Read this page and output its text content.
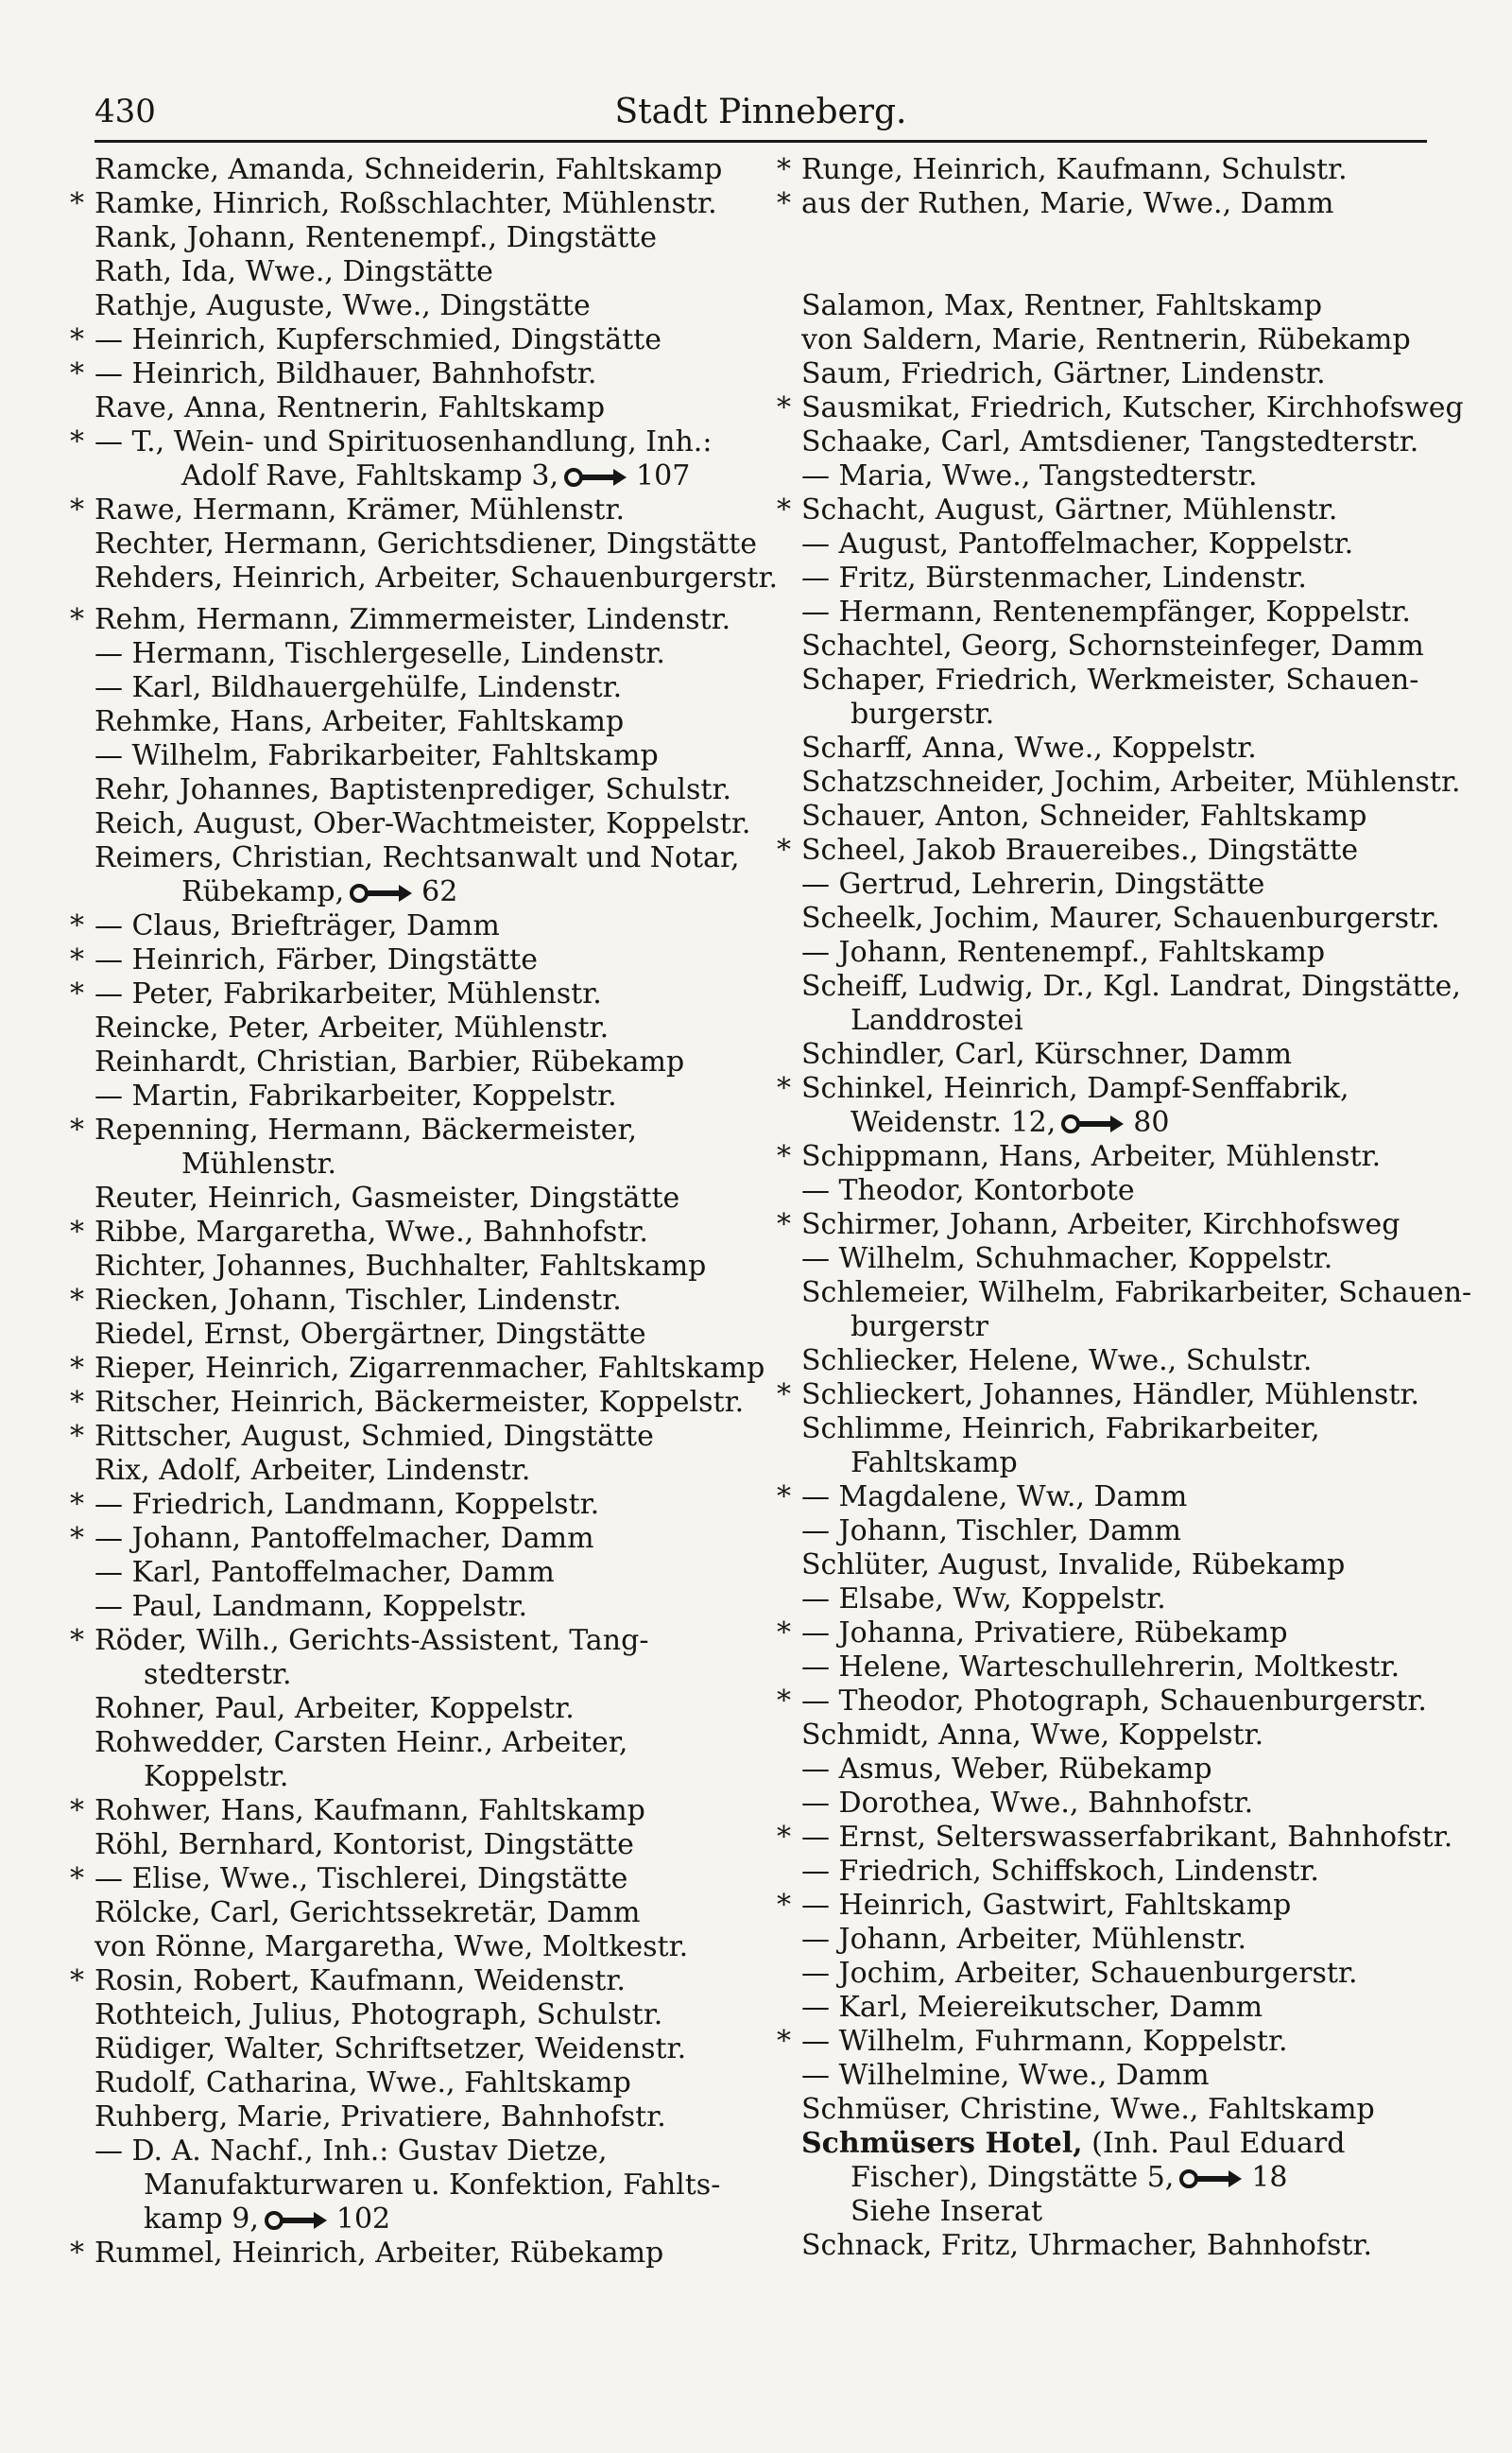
430	Stadt Pinneberg.
Ramcke, Amanda, Schneiderin, Fahltskamp
* Ramke, Hinrich, Roßschlachter, Mühlenstr.
Rank, Johann, Rentenempf., Dingstätte
Rath, Ida, Wwe., Dingstätte
Rathje, Auguste, Wwe., Dingstätte
* — Heinrich, Kupferschmied, Dingstätte
* — Heinrich, Bildhauer, Bahnhofstr.
Rave, Anna, Rentnerin, Fahltskamp
* — T., Wein- und Spirituosenhandlung, Inh.:
Adolf Rave, Fahltskamp 3,	107
* Rawe, Hermann, Krämer, Mühlenstr.
Rechter, Hermann, Gerichtsdiener, Dingstätte
Rehders, Heinrich, Arbeiter, Schauenburgerstr.
* Rehm, Hermann, Zimmermeister, Lindenstr.
— Hermann, Tischlergeselle, Lindenstr.
— Karl, Bildhauergehülfe, Lindenstr.
Rehmke, Hans, Arbeiter, Fahltskamp
— Wilhelm, Fabrikarbeiter, Fahltskamp
Rehr, Johannes, Baptistenprediger, Schulstr.
Reich, August, Ober-Wachtmeister, Koppelstr.
Reimers, Christian, Rechtsanwalt und Notar,
Rübekamp,	62
* — Claus, Briefträger, Damm
* — Heinrich, Färber, Dingstätte
* — Peter, Fabrikarbeiter, Mühlenstr.
Reincke, Peter, Arbeiter, Mühlenstr.
Reinhardt, Christian, Barbier, Rübekamp
— Martin, Fabrikarbeiter, Koppelstr.
* Repenning, Hermann, Bäckermeister,
Mühlenstr.
Reuter, Heinrich, Gasmeister, Dingstätte
* Ribbe, Margaretha, Wwe., Bahnhofstr.
Richter, Johannes, Buchhalter, Fahltskamp
* Riecken, Johann, Tischler, Lindenstr.
Riedel, Ernst, Obergärtner, Dingstätte
* Rieper, Heinrich, Zigarrenmacher, Fahltskamp
* Ritscher, Heinrich, Bäckermeister, Koppelstr.
* Rittscher, August, Schmied, Dingstätte
Rix, Adolf, Arbeiter, Lindenstr.
* — Friedrich, Landmann, Koppelstr.
* — Johann, Pantoffelmacher, Damm
— Karl, Pantoffelmacher, Damm
— Paul, Landmann, Koppelstr.
* Röder, Wilh., Gerichts-Assistent, Tang-
stedterstr.
Rohner, Paul, Arbeiter, Koppelstr.
Rohwedder, Carsten Heinr., Arbeiter,
Koppelstr.
* Rohwer, Hans, Kaufmann, Fahltskamp
Röhl, Bernhard, Kontorist, Dingstätte
* — Elise, Wwe., Tischlerei, Dingstätte
Rölcke, Carl, Gerichtssekretär, Damm
von Rönne, Margaretha, Wwe, Moltkestr.
* Rosin, Robert, Kaufmann, Weidenstr.
Rothteich, Julius, Photograph, Schulstr.
Rüdiger, Walter, Schriftsetzer, Weidenstr.
Rudolf, Catharina, Wwe., Fahltskamp
Ruhberg, Marie, Privatiere, Bahnhofstr.
— D. A. Nachf., Inh.: Gustav Dietze,
Manufakturwaren u. Konfektion, Fahlts-
kamp 9,	102
* Rummel, Heinrich, Arbeiter, Rübekamp
* Runge, Heinrich, Kaufmann, Schulstr.
* aus der Ruthen, Marie, Wwe., Damm
Salamon, Max, Rentner, Fahltskamp
von Saldern, Marie, Rentnerin, Rübekamp
Saum, Friedrich, Gärtner, Lindenstr.
* Sausmikat, Friedrich, Kutscher, Kirchhofsweg
Schaake, Carl, Amtsdiener, Tangstedterstr.
— Maria, Wwe., Tangstedterstr.
* Schacht, August, Gärtner, Mühlenstr.
— August, Pantoffelmacher, Koppelstr.
— Fritz, Bürstenmacher, Lindenstr.
— Hermann, Rentenempfänger, Koppelstr.
Schachtel, Georg, Schornsteinfeger, Damm
Schaper, Friedrich, Werkmeister, Schauen-
burgerstr.
Scharff, Anna, Wwe., Koppelstr.
Schatzschneider, Jochim, Arbeiter, Mühlenstr.
Schauer, Anton, Schneider, Fahltskamp
* Scheel, Jakob Brauereibes., Dingstätte
— Gertrud, Lehrerin, Dingstätte
Scheelk, Jochim, Maurer, Schauenburgerstr.
— Johann, Rentenempf., Fahltskamp
Scheiff, Ludwig, Dr., Kgl. Landrat, Dingstätte,
Landdrostei
Schindler, Carl, Kürschner, Damm
* Schinkel, Heinrich, Dampf-Senffabrik,
Weidenstr. 12,	80
* Schippmann, Hans, Arbeiter, Mühlenstr.
— Theodor, Kontorbote
* Schirmer, Johann, Arbeiter, Kirchhofsweg
— Wilhelm, Schuhmacher, Koppelstr.
Schlemeier, Wilhelm, Fabrikarbeiter, Schauen-
burgerstr
Schliecker, Helene, Wwe., Schulstr.
* Schlieckert, Johannes, Händler, Mühlenstr.
Schlimme, Heinrich, Fabrikarbeiter,
Fahltskamp
* — Magdalene, Ww., Damm
— Johann, Tischler, Damm
Schlüter, August, Invalide, Rübekamp
— Elsabe, Ww, Koppelstr.
* — Johanna, Privatiere, Rübekamp
— Helene, Warteschullehrerin, Moltkestr.
* — Theodor, Photograph, Schauenburgerstr.
Schmidt, Anna, Wwe, Koppelstr.
— Asmus, Weber, Rübekamp
— Dorothea, Wwe., Bahnhofstr.
* — Ernst, Selterswasserfabrikant, Bahnhofstr.
— Friedrich, Schiffskoch, Lindenstr.
* — Heinrich, Gastwirt, Fahltskamp
— Johann, Arbeiter, Mühlenstr.
— Jochim, Arbeiter, Schauenburgerstr.
— Karl, Meiereikutscher, Damm
* — Wilhelm, Fuhrmann, Koppelstr.
— Wilhelmine, Wwe., Damm
Schmüser, Christine, Wwe., Fahltskamp
Schmüsers Hotel, (Inh. Paul Eduard
Fischer), Dingstätte 5,	18
Siehe Inserat
Schnack, Fritz, Uhrmacher, Bahnhofstr.
